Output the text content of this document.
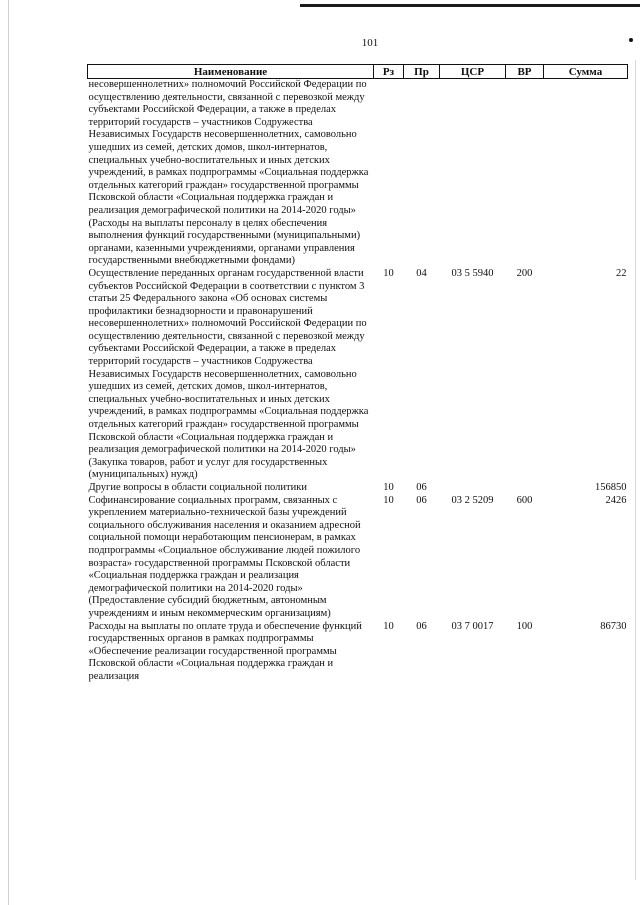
101
Наименование	Рз	Пр	ЦСР	ВР	Сумма
несовершеннолетних» полномочий Российской Федерации по осуществлению деятельности, связанной с перевозкой между субъектами Российской Федерации, а также в пределах территорий государств – участников Содружества Независимых Государств несовершеннолетних, самовольно ушедших из семей, детских домов, школ-интернатов, специальных учебно-воспитательных и иных детских учреждений, в рамках подпрограммы «Социальная поддержка отдельных категорий граждан» государственной программы Псковской области «Социальная поддержка граждан и реализация демографической политики на 2014-2020 годы» (Расходы на выплаты персоналу в целях обеспечения выполнения функций государственными (муниципальными) органами, казенными учреждениями, органами управления государственными внебюджетными фондами)					
Осуществление переданных органам государственной власти субъектов Российской Федерации в соответствии с пунктом 3 статьи 25 Федерального закона «Об основах системы профилактики безнадзорности и правонарушений несовершеннолетних» полномочий Российской Федерации по осуществлению деятельности, связанной с перевозкой между субъектами Российской Федерации, а также в пределах территорий государств – участников Содружества Независимых Государств несовершеннолетних, самовольно ушедших из семей, детских домов, школ-интернатов, специальных учебно-воспитательных и иных детских учреждений, в рамках подпрограммы «Социальная поддержка отдельных категорий граждан» государственной программы Псковской области «Социальная поддержка граждан и реализация демографической политики на 2014-2020 годы» (Закупка товаров, работ и услуг для государственных (муниципальных) нужд)	10	04	03 5 5940	200	22
Другие вопросы в области социальной политики	10	06			156850
Софинансирование социальных программ, связанных с укреплением материально-технической базы учреждений социального обслуживания населения и оказанием адресной социальной помощи неработающим пенсионерам, в рамках подпрограммы «Социальное обслуживание людей пожилого возраста» государственной программы Псковской области «Социальная поддержка граждан и реализация демографической политики на 2014-2020 годы» (Предоставление субсидий бюджетным, автономным учреждениям и иным некоммерческим организациям)	10	06	03 2 5209	600	2426
Расходы на выплаты по оплате труда и обеспечение функций государственных органов в рамках подпрограммы «Обеспечение реализации государственной программы Псковской области «Социальная поддержка граждан и реализация	10	06	03 7 0017	100	86730
